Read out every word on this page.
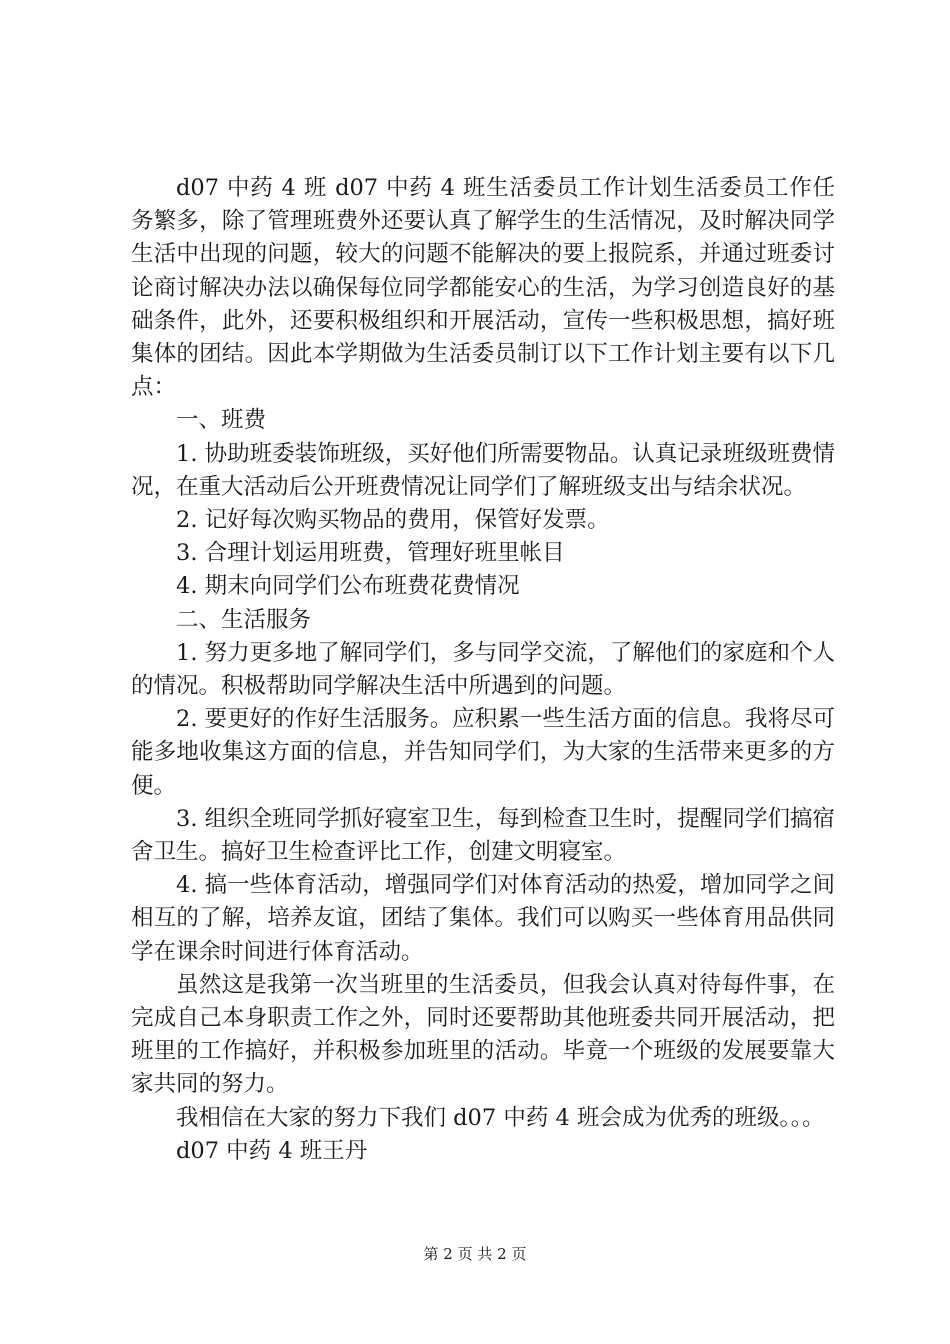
d07 中药 4 班 d07 中药 4 班生活委员工作计划生活委员工作任务繁多，除了管理班费外还要认真了解学生的生活情况，及时解决同学生活中出现的问题，较大的问题不能解决的要上报院系，并通过班委讨论商讨解决办法以确保每位同学都能安心的生活，为学习创造良好的基础条件，此外，还要积极组织和开展活动，宣传一些积极思想，搞好班集体的团结。因此本学期做为生活委员制订以下工作计划主要有以下几点：

一、班费

1. 协助班委装饰班级，买好他们所需要物品。认真记录班级班费情况，在重大活动后公开班费情况让同学们了解班级支出与结余状况。

2. 记好每次购买物品的费用，保管好发票。

3. 合理计划运用班费，管理好班里帐目

4. 期末向同学们公布班费花费情况

二、生活服务

1. 努力更多地了解同学们，多与同学交流，了解他们的家庭和个人的情况。积极帮助同学解决生活中所遇到的问题。

2. 要更好的作好生活服务。应积累一些生活方面的信息。我将尽可能多地收集这方面的信息，并告知同学们，为大家的生活带来更多的方便。

3. 组织全班同学抓好寝室卫生，每到检查卫生时，提醒同学们搞宿舍卫生。搞好卫生检查评比工作，创建文明寝室。

4. 搞一些体育活动，增强同学们对体育活动的热爱，增加同学之间相互的了解，培养友谊，团结了集体。我们可以购买一些体育用品供同学在课余时间进行体育活动。

虽然这是我第一次当班里的生活委员，但我会认真对待每件事，在完成自己本身职责工作之外，同时还要帮助其他班委共同开展活动，把班里的工作搞好，并积极参加班里的活动。毕竟一个班级的发展要靠大家共同的努力。

我相信在大家的努力下我们 d07 中药 4 班会成为优秀的班级。。。

d07 中药 4 班王丹

第 2 页 共 2 页
